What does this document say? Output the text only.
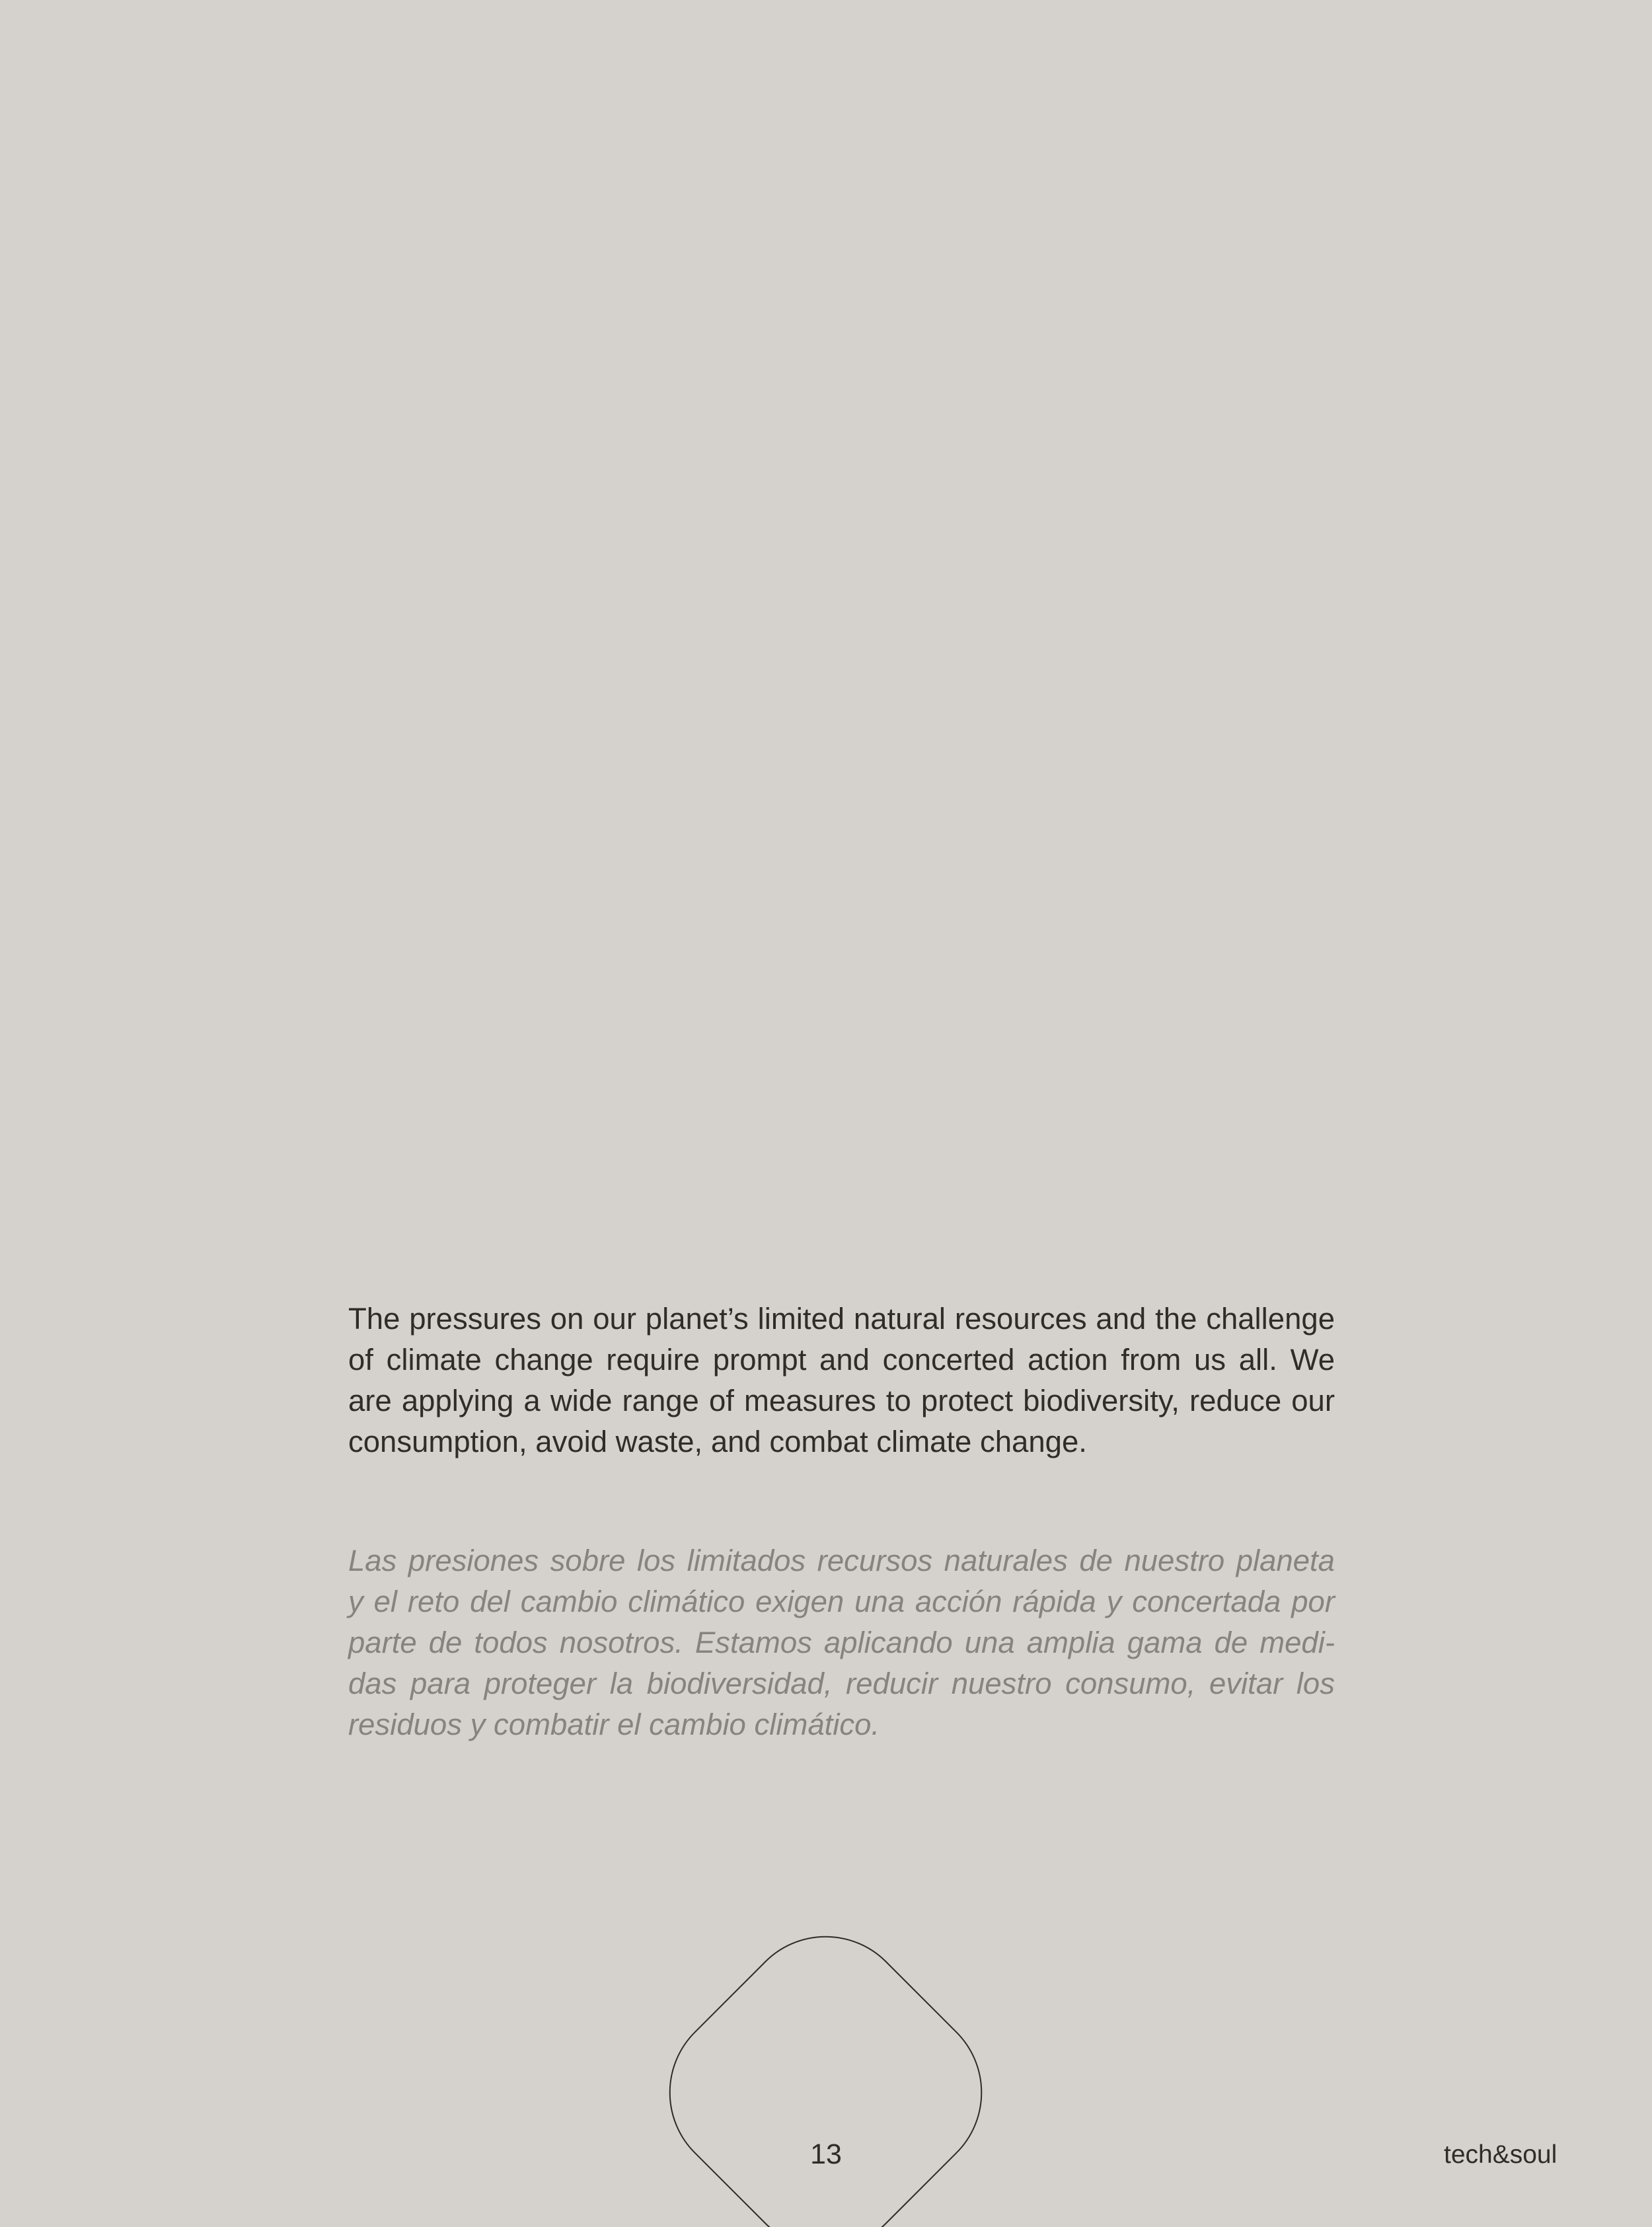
The pressures on our planet’s limited natural resources and the challenge
of climate change require prompt and concerted action from us all. We
are applying a wide range of measures to protect biodiversity, reduce our
consumption, avoid waste, and combat climate change.
Las presiones sobre los limitados recursos naturales de nuestro planeta
y el reto del cambio climático exigen una acción rápida y concertada por
parte de todos nosotros. Estamos aplicando una amplia gama de medi-
das para proteger la biodiversidad, reducir nuestro consumo, evitar los
residuos y combatir el cambio climático.
13	tech&soul
